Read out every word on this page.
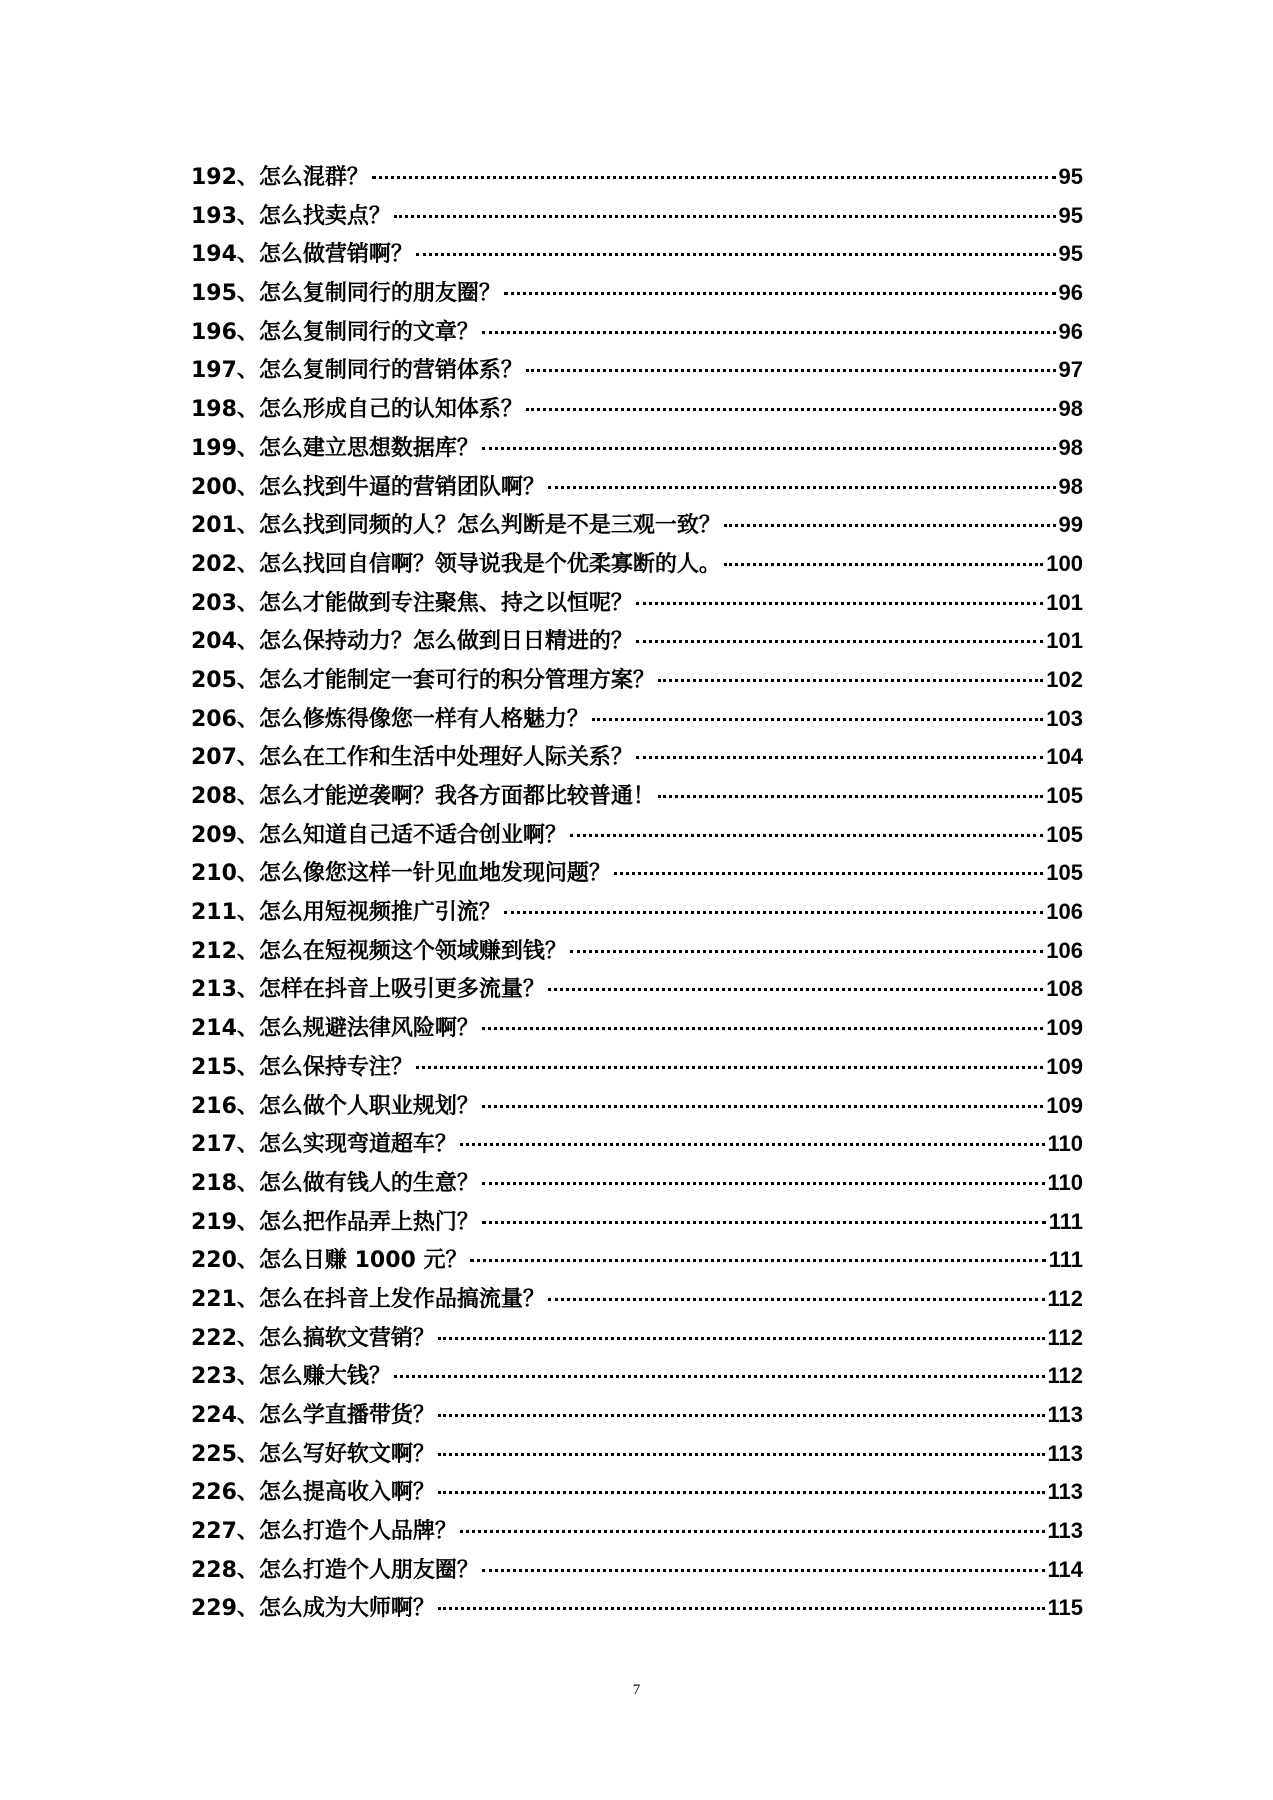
192、怎么混群？	95
193、怎么找卖点？	95
194、怎么做营销啊？	95
195、怎么复制同行的朋友圈？	96
196、怎么复制同行的文章？	96
197、怎么复制同行的营销体系？	97
198、怎么形成自己的认知体系？	98
199、怎么建立思想数据库？	98
200、怎么找到牛逼的营销团队啊？	98
201、怎么找到同频的人？怎么判断是不是三观一致？	99
202、怎么找回自信啊？领导说我是个优柔寡断的人。	100
203、怎么才能做到专注聚焦、持之以恒呢？	101
204、怎么保持动力？怎么做到日日精进的？	101
205、怎么才能制定一套可行的积分管理方案？	102
206、怎么修炼得像您一样有人格魅力？	103
207、怎么在工作和生活中处理好人际关系？	104
208、怎么才能逆袭啊？我各方面都比较普通！	105
209、怎么知道自己适不适合创业啊？	105
210、怎么像您这样一针见血地发现问题？	105
211、怎么用短视频推广引流？	106
212、怎么在短视频这个领域赚到钱？	106
213、怎样在抖音上吸引更多流量？	108
214、怎么规避法律风险啊？	109
215、怎么保持专注？	109
216、怎么做个人职业规划？	109
217、怎么实现弯道超车？	110
218、怎么做有钱人的生意？	110
219、怎么把作品弄上热门？	111
220、怎么日赚 1000 元？	111
221、怎么在抖音上发作品搞流量？	112
222、怎么搞软文营销？	112
223、怎么赚大钱？	112
224、怎么学直播带货？	113
225、怎么写好软文啊？	113
226、怎么提高收入啊？	113
227、怎么打造个人品牌？	113
228、怎么打造个人朋友圈？	114
229、怎么成为大师啊？	115
7
